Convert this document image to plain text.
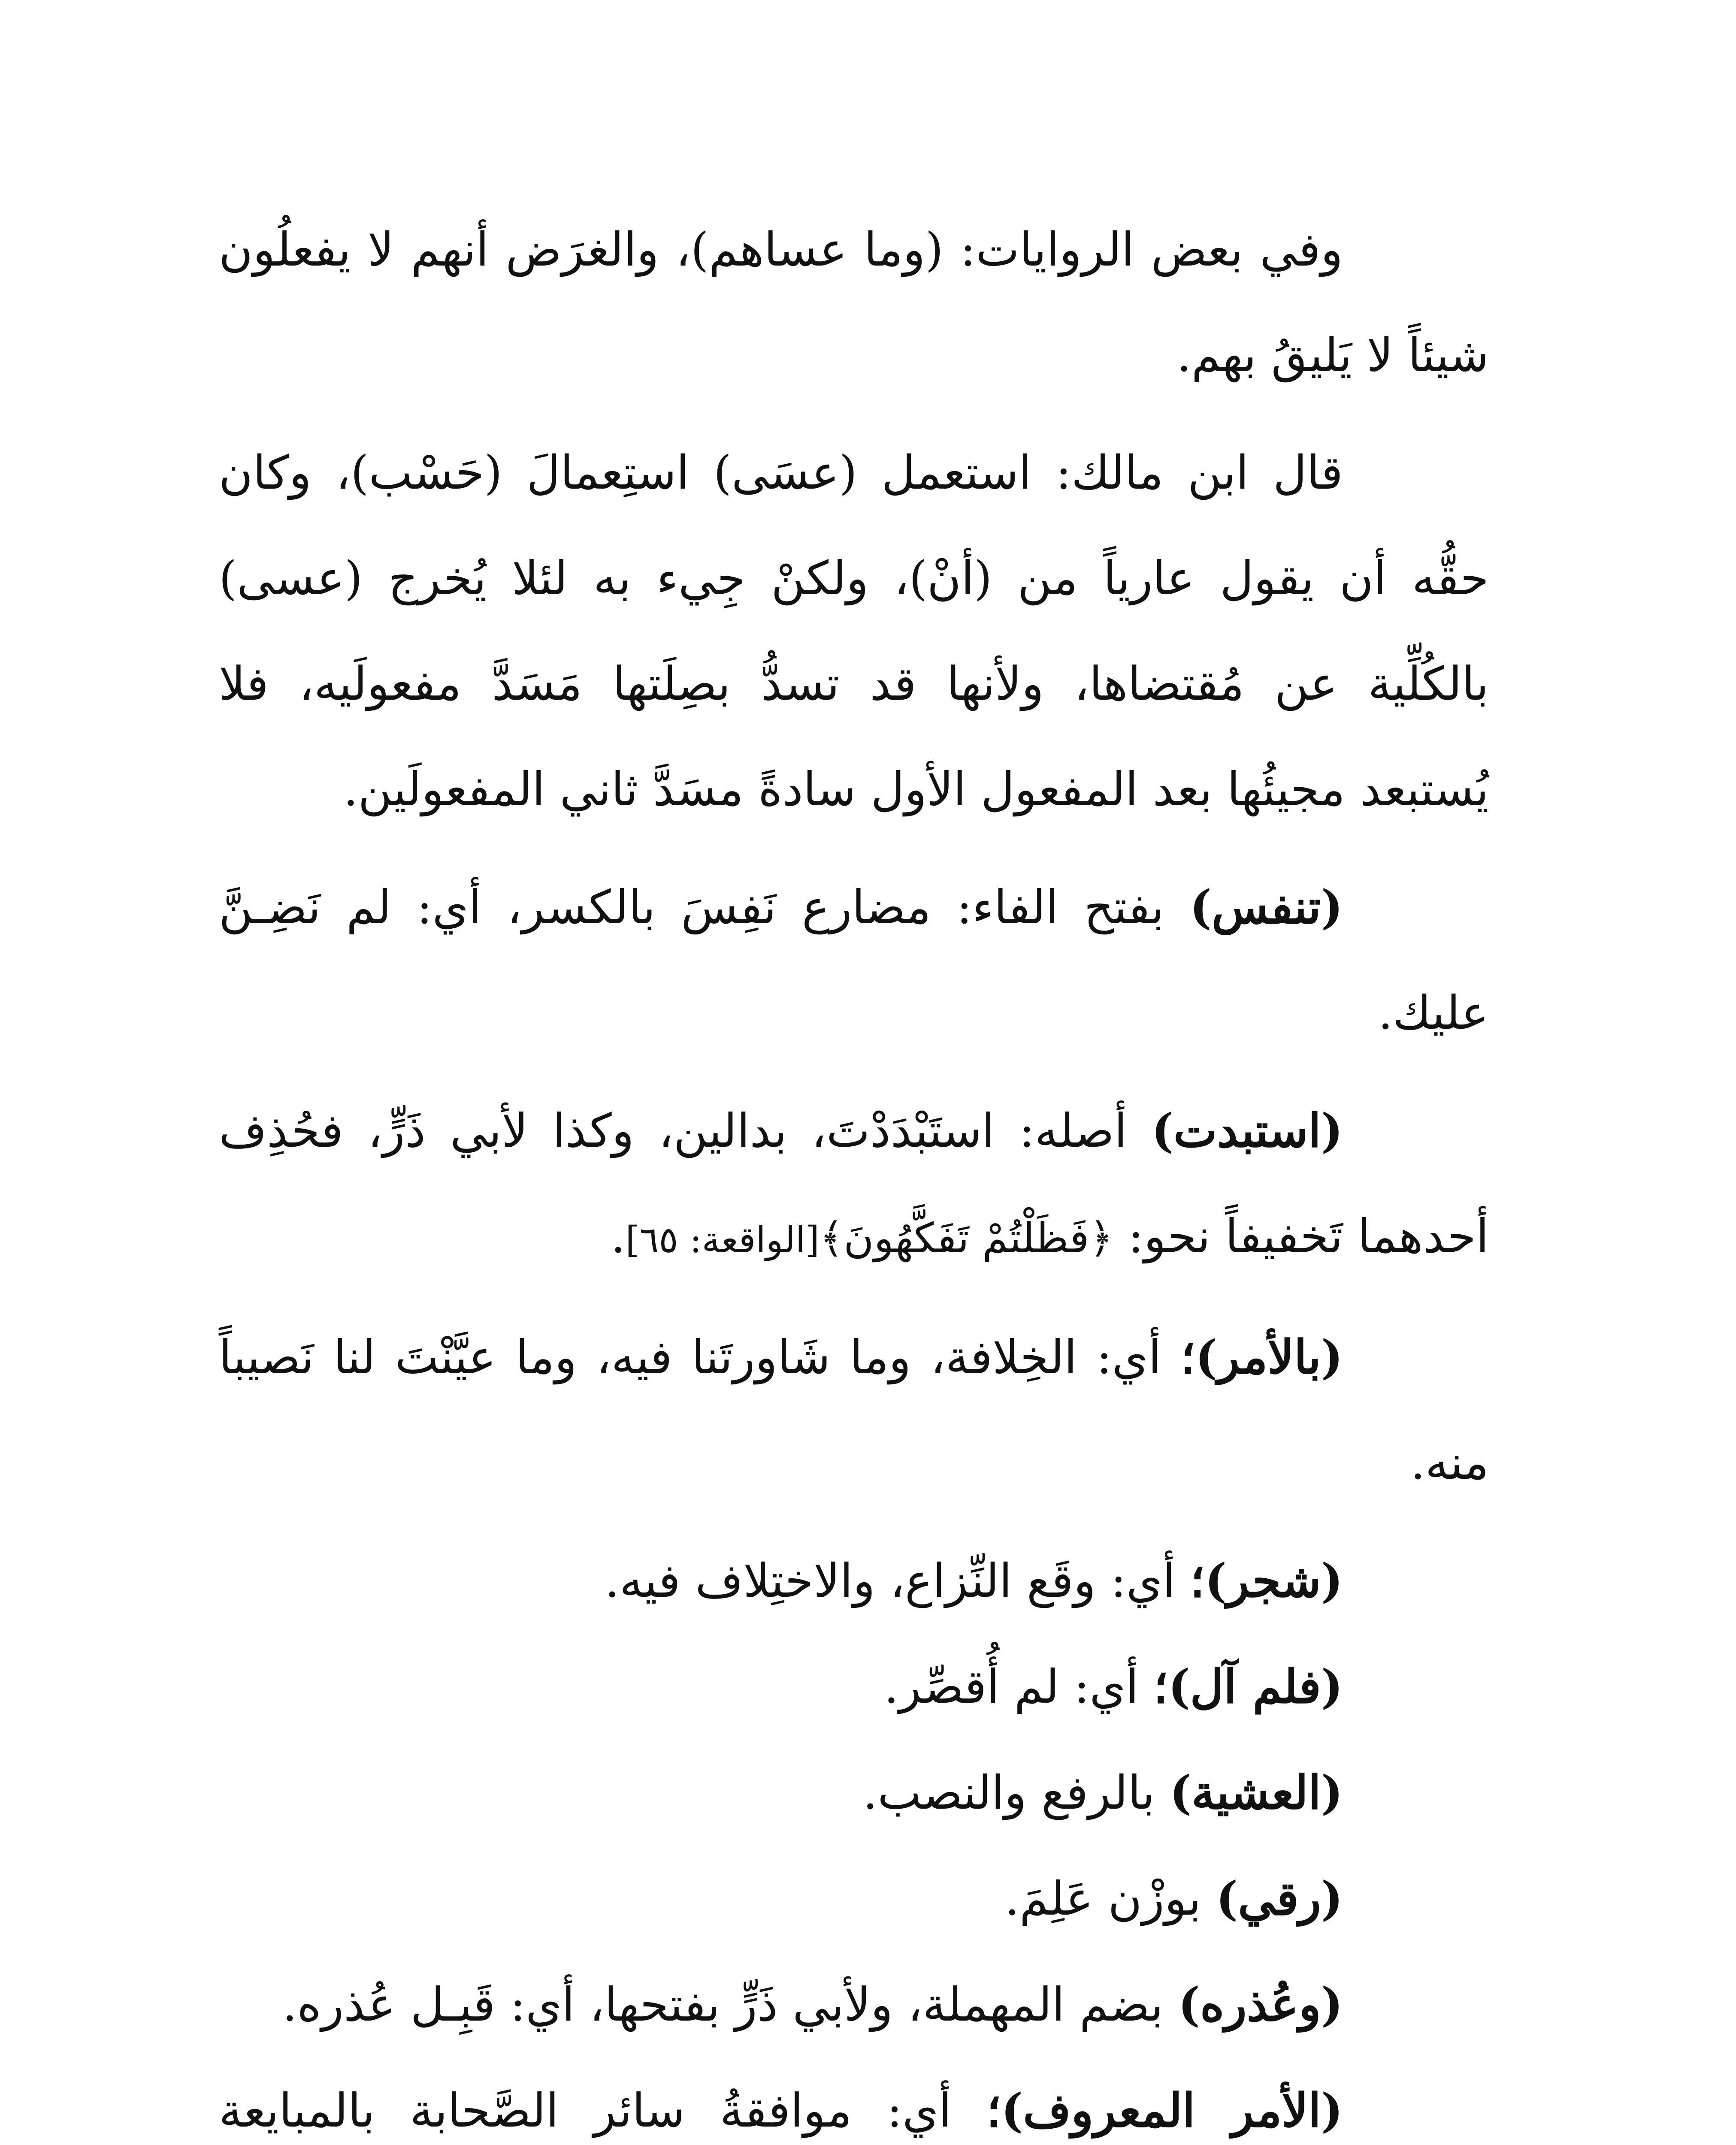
وفي بعض الروايات: (وما عساهم)، والغرَض أنهم لا يفعلُون شيئاً لا يَليقُ بهم.

قال ابن مالك: استعمل (عسَى) استِعمالَ (حَسْب)، وكان حقُّه أن يقول عارياً من (أنْ)، ولكنْ جِيء به لئلا يُخرج (عسى) بالكُلِّية عن مُقتضاها، ولأنها قد تسدُّ بصِلَتها مَسَدَّ مفعولَيه، فلا يُستبعد مجيئُها بعد المفعول الأول سادةً مسَدَّ ثاني المفعولَين.

(تنفس) بفتح الفاء: مضارع نَفِسَ بالكسر، أي: لم نَضِـنَّ عليك.

(استبدت) أصله: استَبْدَدْتَ، بدالين، وكذا لأبي ذَرٍّ، فحُذِف أحدهما تَخفيفاً نحو: ﴿فَظَلْتُمْ تَفَكَّهُونَ﴾[الواقعة: ٦٥].

(بالأمر)؛ أي: الخِلافة، وما شَاورتَنا فيه، وما عيَّنْتَ لنا نَصيباً منه.

(شجر)؛ أي: وقَع النِّزاع، والاختِلاف فيه.

(فلم آل)؛ أي: لم أُقصِّر.

(العشية) بالرفع والنصب.

(رقي) بوزْن عَلِمَ.

(وعُذره) بضم المهملة، ولأبي ذَرٍّ بفتحها، أي: قَبِـل عُذره.

(الأمر المعروف)؛ أي: موافقةُ سائر الصَّحابة بالمبايعة
